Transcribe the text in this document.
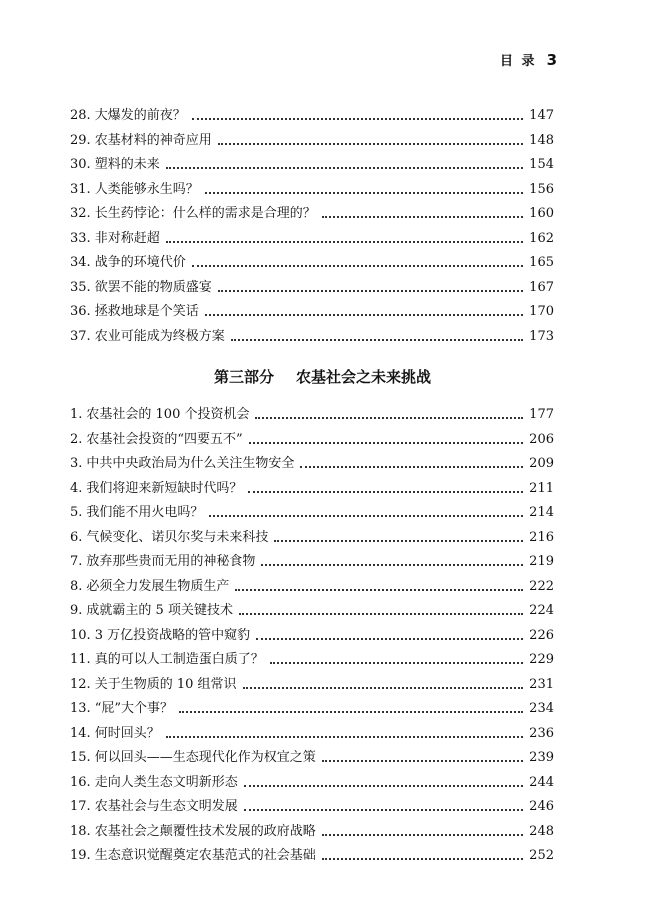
目 录 3
28. 大爆发的前夜？	147
29. 农基材料的神奇应用	148
30. 塑料的未来	154
31. 人类能够永生吗？	156
32. 长生药悖论：什么样的需求是合理的？	160
33. 非对称赶超	162
34. 战争的环境代价	165
35. 欲罢不能的物质盛宴	167
36. 拯救地球是个笑话	170
37. 农业可能成为终极方案	173
第三部分 农基社会之未来挑战
1. 农基社会的 100 个投资机会	177
2. 农基社会投资的“四要五不”	206
3. 中共中央政治局为什么关注生物安全	209
4. 我们将迎来新短缺时代吗？	211
5. 我们能不用火电吗？	214
6. 气候变化、诺贝尔奖与未来科技	216
7. 放弃那些贵而无用的神秘食物	219
8. 必须全力发展生物质生产	222
9. 成就霸主的 5 项关键技术	224
10. 3 万亿投资战略的管中窥豹	226
11. 真的可以人工制造蛋白质了？	229
12. 关于生物质的 10 组常识	231
13. “屁”大个事？	234
14. 何时回头？	236
15. 何以回头——生态现代化作为权宜之策	239
16. 走向人类生态文明新形态	244
17. 农基社会与生态文明发展	246
18. 农基社会之颠覆性技术发展的政府战略	248
19. 生态意识觉醒奠定农基范式的社会基础	252
